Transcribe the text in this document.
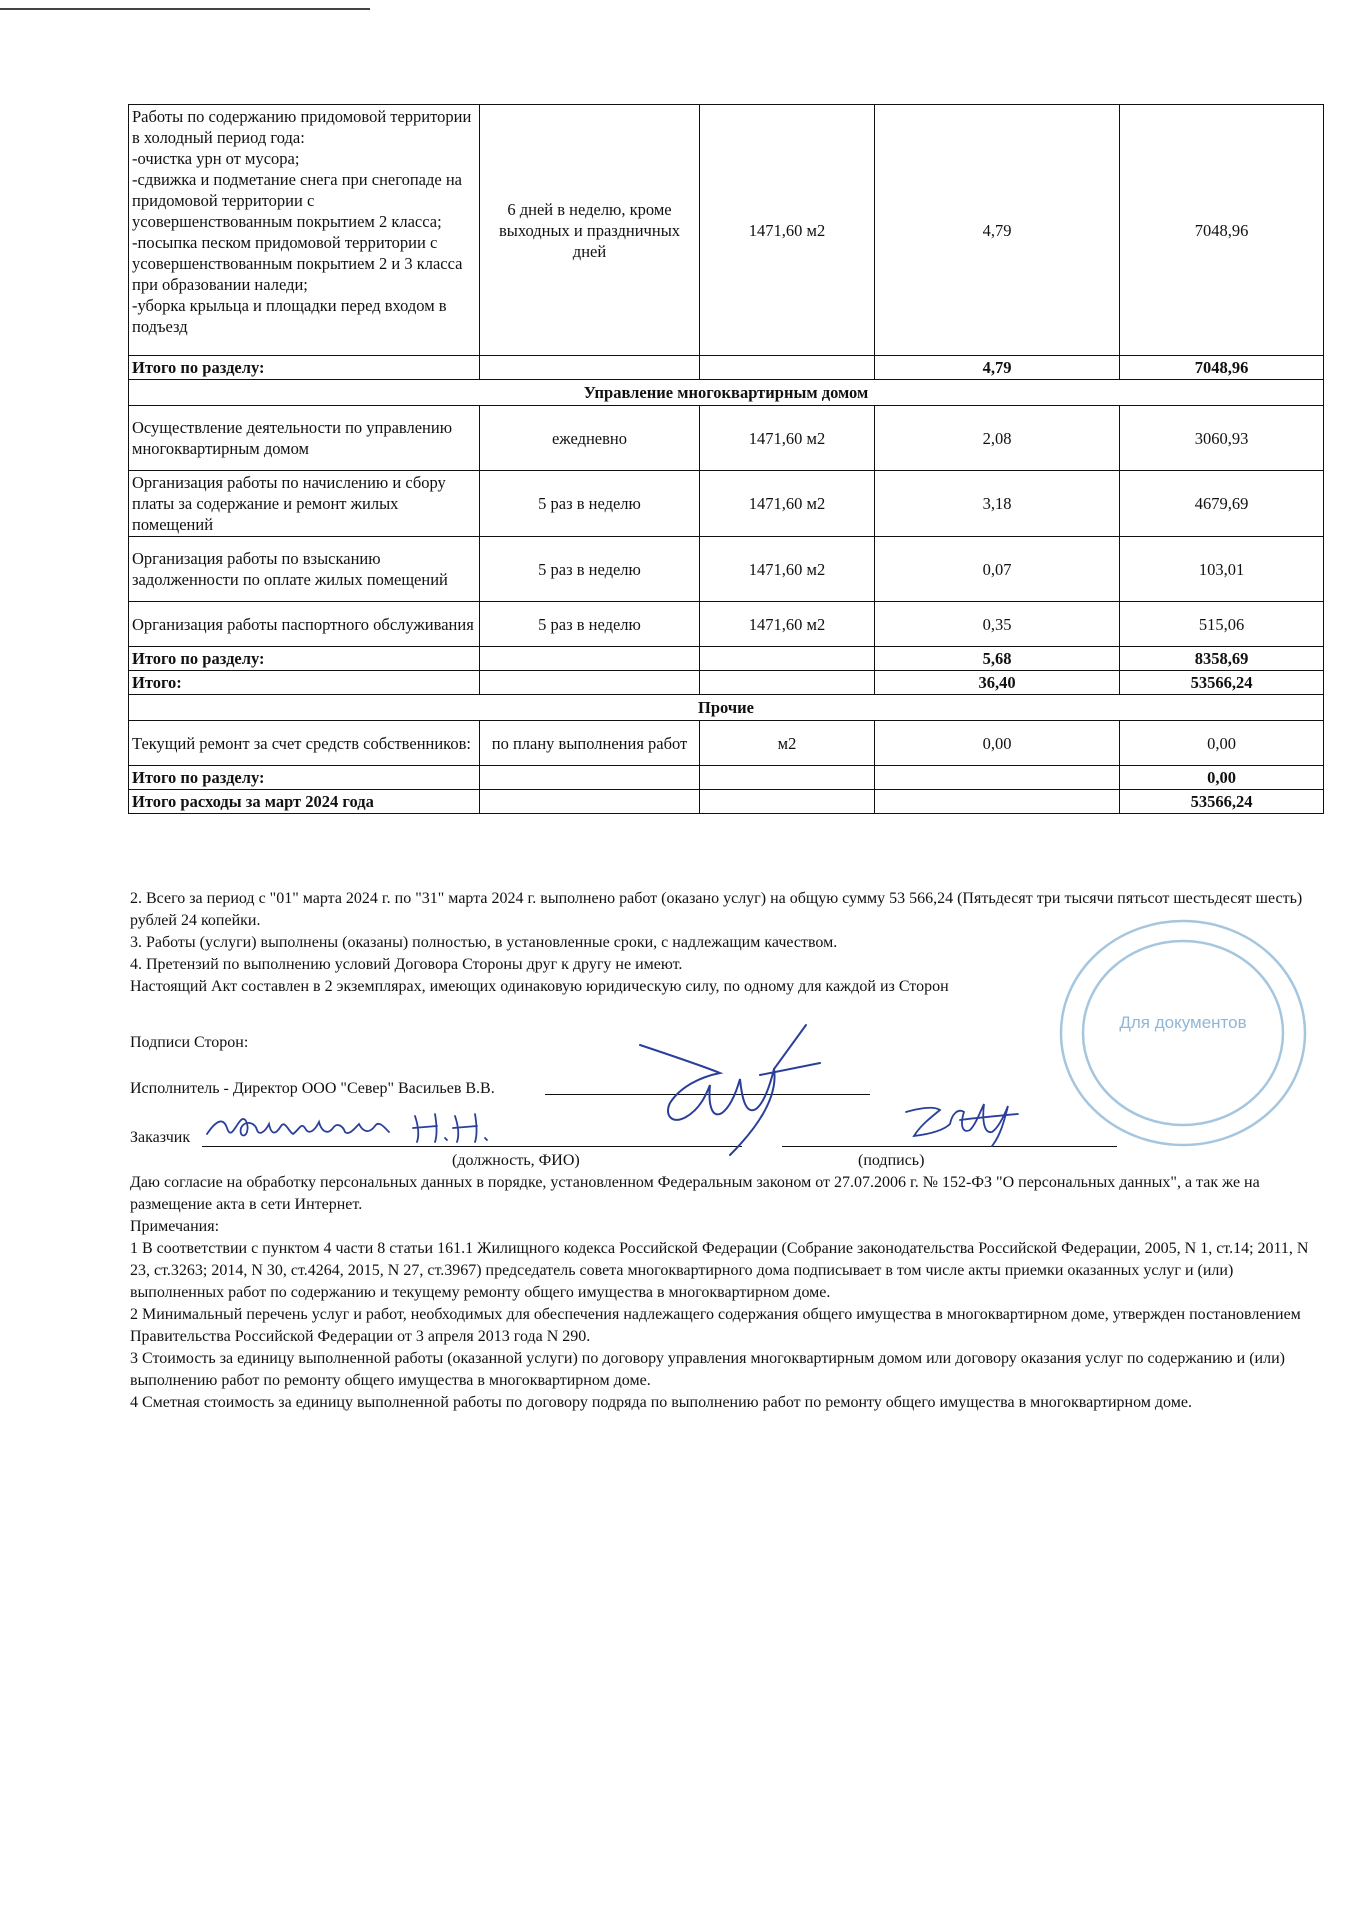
Работы по содержанию придомовой территории в холодный период года:
-очистка урн от мусора;
-сдвижка и подметание снега при снегопаде на придомовой территории с усовершенствованным покрытием 2 класса;
-посыпка песком придомовой территории с усовершенствованным покрытием 2 и 3 класса при образовании наледи;
-уборка крыльца и площадки перед входом в подъезд	6 дней в неделю, кроме выходных и праздничных дней	1471,60 м2	4,79	7048,96
Итого по разделу:			4,79	7048,96
Управление многоквартирным домом				
Осуществление деятельности по управлению многоквартирным домом	ежедневно	1471,60 м2	2,08	3060,93
Организация работы по начислению и сбору платы за содержание и ремонт жилых помещений	5 раз в неделю	1471,60 м2	3,18	4679,69
Организация работы по взысканию задолженности по оплате жилых помещений	5 раз в неделю	1471,60 м2	0,07	103,01
Организация работы паспортного обслуживания	5 раз в неделю	1471,60 м2	0,35	515,06
Итого по разделу:			5,68	8358,69
Итого:			36,40	53566,24
Прочие				
Текущий ремонт за счет средств собственников:	по плану выполнения работ	м2	0,00	0,00
Итого по разделу:				0,00
Итого расходы за март 2024 года				53566,24

2. Всего за период с "01" марта 2024 г. по "31" марта 2024 г. выполнено работ (оказано услуг) на общую сумму 53 566,24 (Пятьдесят три тысячи пятьсот шестьдесят шесть) рублей 24 копейки.

3. Работы (услуги) выполнены (оказаны) полностью, в установленные сроки, с надлежащим качеством.

4. Претензий по выполнению условий Договора Стороны друг к другу не имеют.

Настоящий Акт составлен в 2 экземплярах, имеющих одинаковую юридическую силу, по одному для каждой из Сторон

Подписи Сторон:
Исполнитель - Директор ООО "Север" Васильев В.В.
Заказчик
(должность, ФИО)	(подпись)

Даю согласие на обработку персональных данных в порядке, установленном Федеральным законом от 27.07.2006 г. № 152-ФЗ "О персональных данных", а так же на размещение акта в сети Интернет.

Примечания:

1 В соответствии с пунктом 4 части 8 статьи 161.1 Жилищного кодекса Российской Федерации (Собрание законодательства Российской Федерации, 2005, N 1, ст.14; 2011, N 23, ст.3263; 2014, N 30, ст.4264, 2015, N 27, ст.3967) председатель совета многоквартирного дома подписывает в том числе акты приемки оказанных услуг и (или) выполненных работ по содержанию и текущему ремонту общего имущества в многоквартирном доме.

2 Минимальный перечень услуг и работ, необходимых для обеспечения надлежащего содержания общего имущества в многоквартирном доме, утвержден постановлением Правительства Российской Федерации от 3 апреля 2013 года N 290.

3 Стоимость за единицу выполненной работы (оказанной услуги) по договору управления многоквартирным домом или договору оказания услуг по содержанию и (или) выполнению работ по ремонту общего имущества в многоквартирном доме.

4 Сметная стоимость за единицу выполненной работы по договору подряда по выполнению работ по ремонту общего имущества в многоквартирном доме.

Для документов
